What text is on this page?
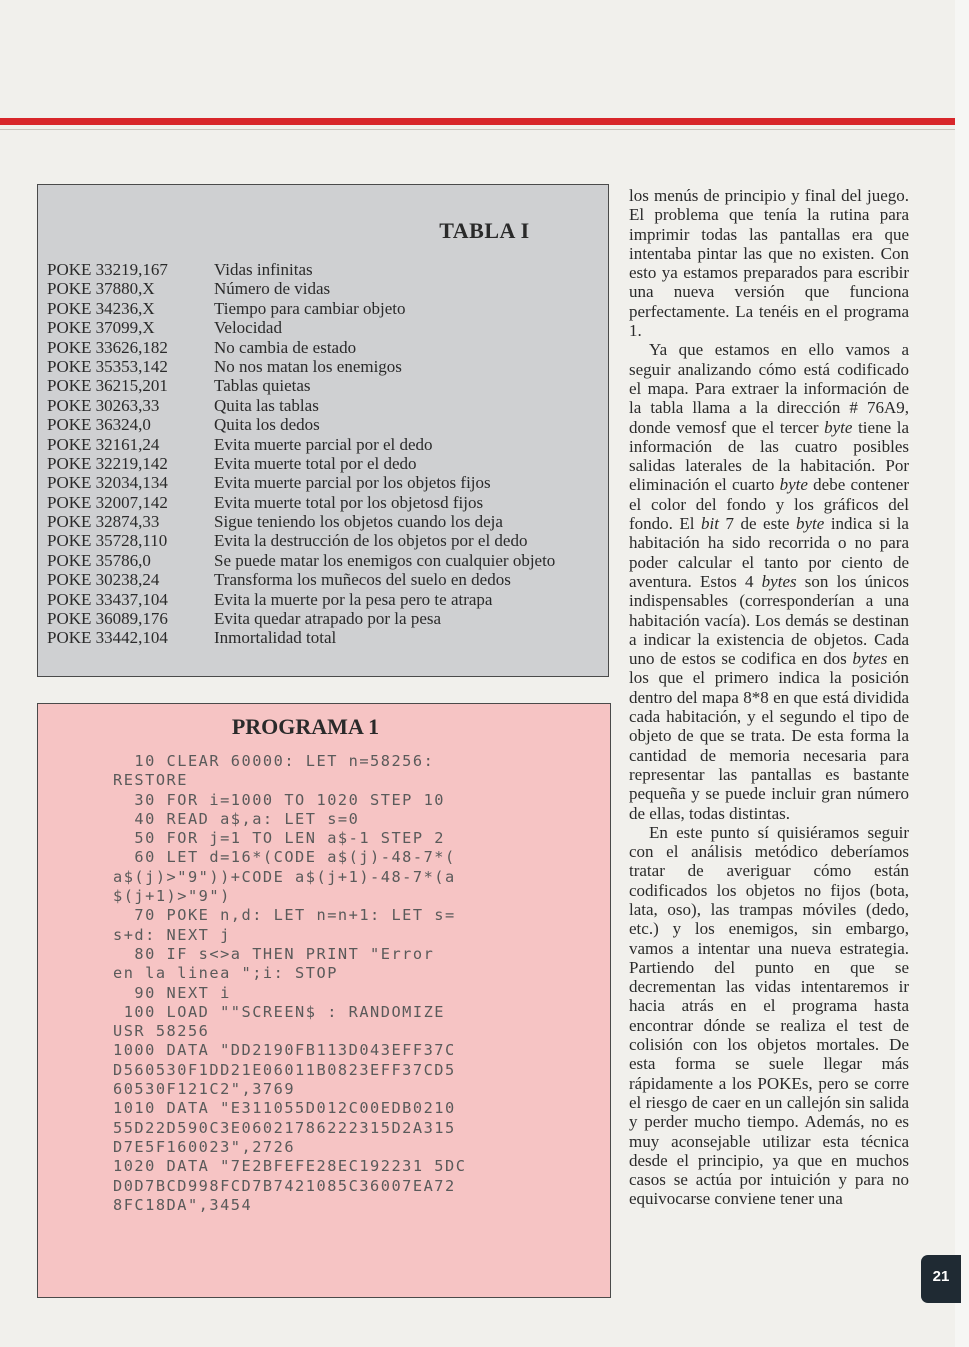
TABLA I
POKE 33219,167	Vidas infinitas
POKE 37880,X	Número de vidas
POKE 34236,X	Tiempo para cambiar objeto
POKE 37099,X	Velocidad
POKE 33626,182	No cambia de estado
POKE 35353,142	No nos matan los enemigos
POKE 36215,201	Tablas quietas
POKE 30263,33	Quita las tablas
POKE 36324,0	Quita los dedos
POKE 32161,24	Evita muerte parcial por el dedo
POKE 32219,142	Evita muerte total por el dedo
POKE 32034,134	Evita muerte parcial por los objetos fijos
POKE 32007,142	Evita muerte total por los objetosd fijos
POKE 32874,33	Sigue teniendo los objetos cuando los deja
POKE 35728,110	Evita la destrucción de los objetos por el dedo
POKE 35786,0	Se puede matar los enemigos con cualquier objeto
POKE 30238,24	Transforma los muñecos del suelo en dedos
POKE 33437,104	Evita la muerte por la pesa pero te atrapa
POKE 36089,176	Evita quedar atrapado por la pesa
POKE 33442,104	Inmortalidad total
PROGRAMA 1
10 CLEAR 60000: LET n=58256:
RESTORE
30 FOR i=1000 TO 1020 STEP 10
40 READ a$,a: LET s=0
50 FOR j=1 TO LEN a$-1 STEP 2
60 LET d=16*(CODE a$(j)-48-7*(
a$(j)>"9"))+CODE a$(j+1)-48-7*(a
$(j+1)>"9")
70 POKE n,d: LET n=n+1: LET s=
s+d: NEXT j
80 IF s<>a THEN PRINT "Error
en la linea ";i: STOP
90 NEXT i
100 LOAD ""SCREEN$ : RANDOMIZE
USR 58256
1000 DATA "DD2190FB113D043EFF37C
D560530F1DD21E06011B0823EFF37CD5
60530F121C2",3769
1010 DATA "E311055D012C00EDB0210
55D22D590C3E06021786222315D2A315
D7E5F160023",2726
1020 DATA "7E2BFEFE28EC192231 5DC
D0D7BCD998FCD7B7421085C36007EA72
8FC18DA",3454

los menús de principio y final del juego. El problema que tenía la rutina para imprimir todas las pantallas era que intentaba pintar las que no existen. Con esto ya estamos preparados para escribir una nueva versión que funciona perfectamente. La tenéis en el programa 1.

Ya que estamos en ello vamos a seguir analizando cómo está codificado el mapa. Para extraer la información de la tabla llama a la dirección # 76A9, donde vemosf que el tercer byte tiene la información de las cuatro posibles salidas laterales de la habitación. Por eliminación el cuarto byte debe contener el color del fondo y los gráficos del fondo. El bit 7 de este byte indica si la habitación ha sido recorrida o no para poder calcular el tanto por ciento de aventura. Estos 4 bytes son los únicos indispensables (corresponderían a una habitación vacía). Los demás se destinan a indicar la existencia de objetos. Cada uno de estos se codifica en dos bytes en los que el primero indica la posición dentro del mapa 8*8 en que está dividida cada habitación, y el segundo el tipo de objeto de que se trata. De esta forma la cantidad de memoria necesaria para representar las pantallas es bastante pequeña y se puede incluir gran número de ellas, todas distintas.

En este punto sí quisiéramos seguir con el análisis metódico deberíamos tratar de averiguar cómo están codificados los objetos no fijos (bota, lata, oso), las trampas móviles (dedo, etc.) y los enemigos, sin embargo, vamos a intentar una nueva estrategia. Partiendo del punto en que se decrementan las vidas intentaremos ir hacia atrás en el programa hasta encontrar dónde se realiza el test de colisión con los objetos mortales. De esta forma se suele llegar más rápidamente a los POKEs, pero se corre el riesgo de caer en un callejón sin salida y perder mucho tiempo. Además, no es muy aconsejable utilizar esta técnica desde el principio, ya que en muchos casos se actúa por intuición y para no equivocarse conviene tener una

21
